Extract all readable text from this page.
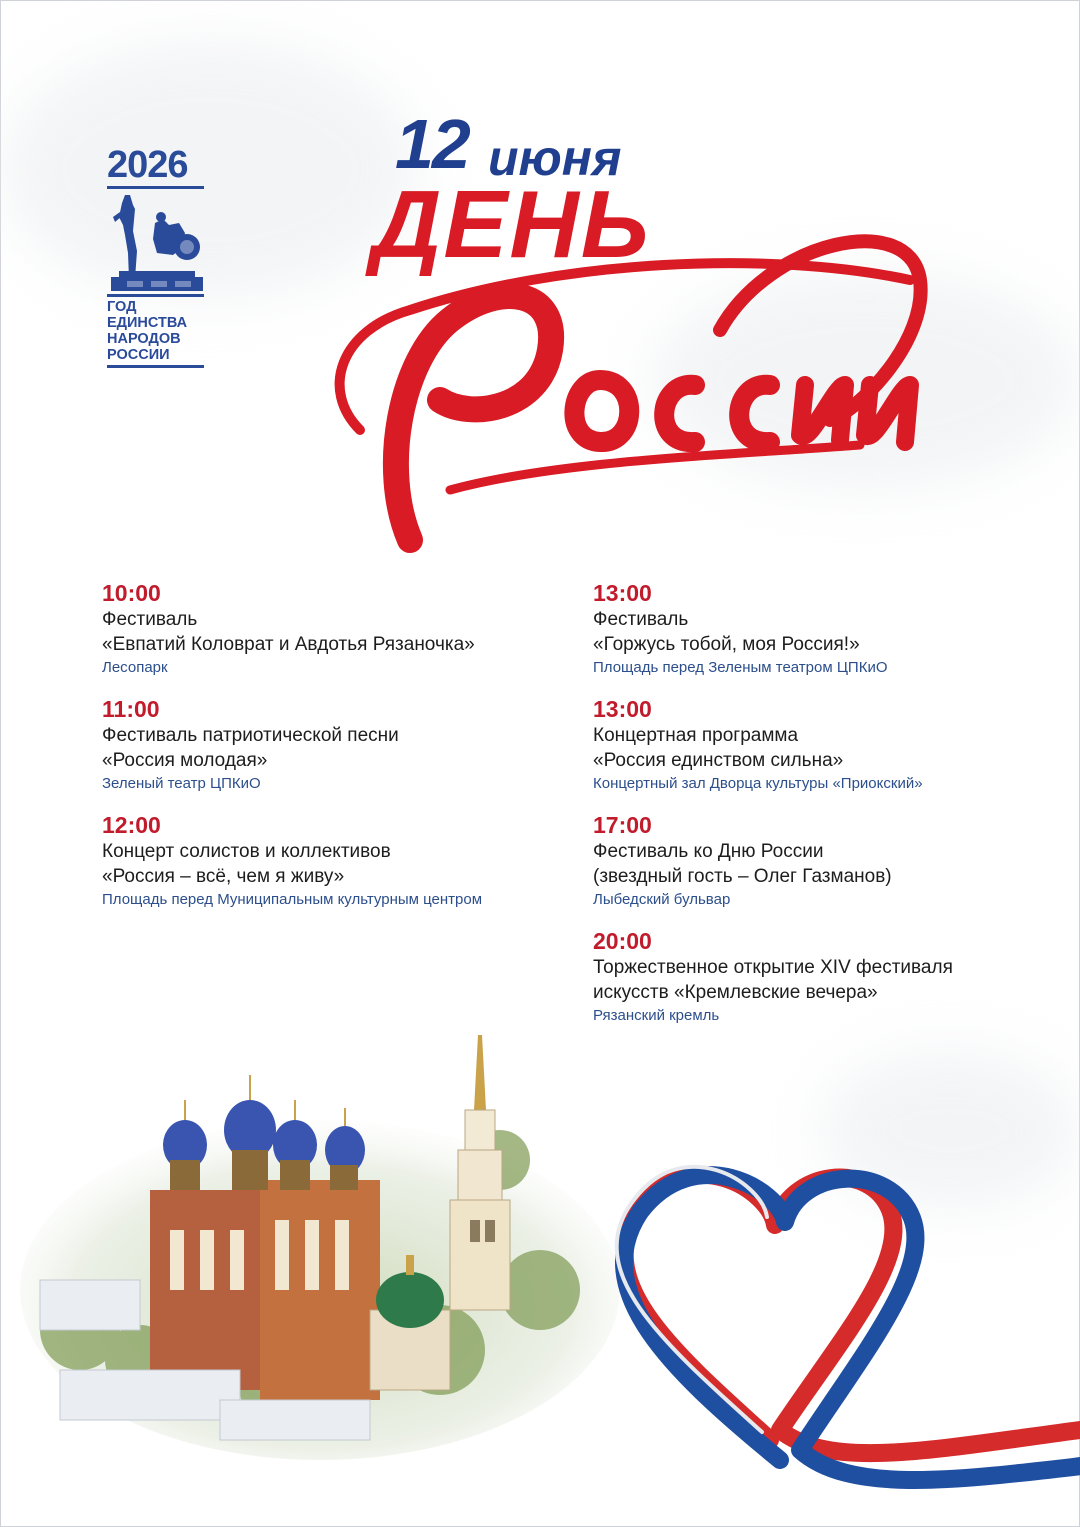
2026
ГОД
ЕДИНСТВА
НАРОДОВ
РОССИИ
12 июня
ДЕНЬ
10:00
Фестиваль
«Евпатий Коловрат и Авдотья Рязаночка»
Лесопарк
11:00
Фестиваль патриотической песни
«Россия молодая»
Зеленый театр ЦПКиО
12:00
Концерт солистов и коллективов
«Россия – всё, чем я живу»
Площадь перед Муниципальным культурным центром
13:00
Фестиваль
«Горжусь тобой, моя Россия!»
Площадь перед Зеленым театром ЦПКиО
13:00
Концертная программа
«Россия единством сильна»
Концертный зал Дворца культуры «Приокский»
17:00
Фестиваль ко Дню России
(звездный гость – Олег Газманов)
Лыбедский бульвар
20:00
Торжественное открытие XIV фестиваля
искусств «Кремлевские вечера»
Рязанский кремль
